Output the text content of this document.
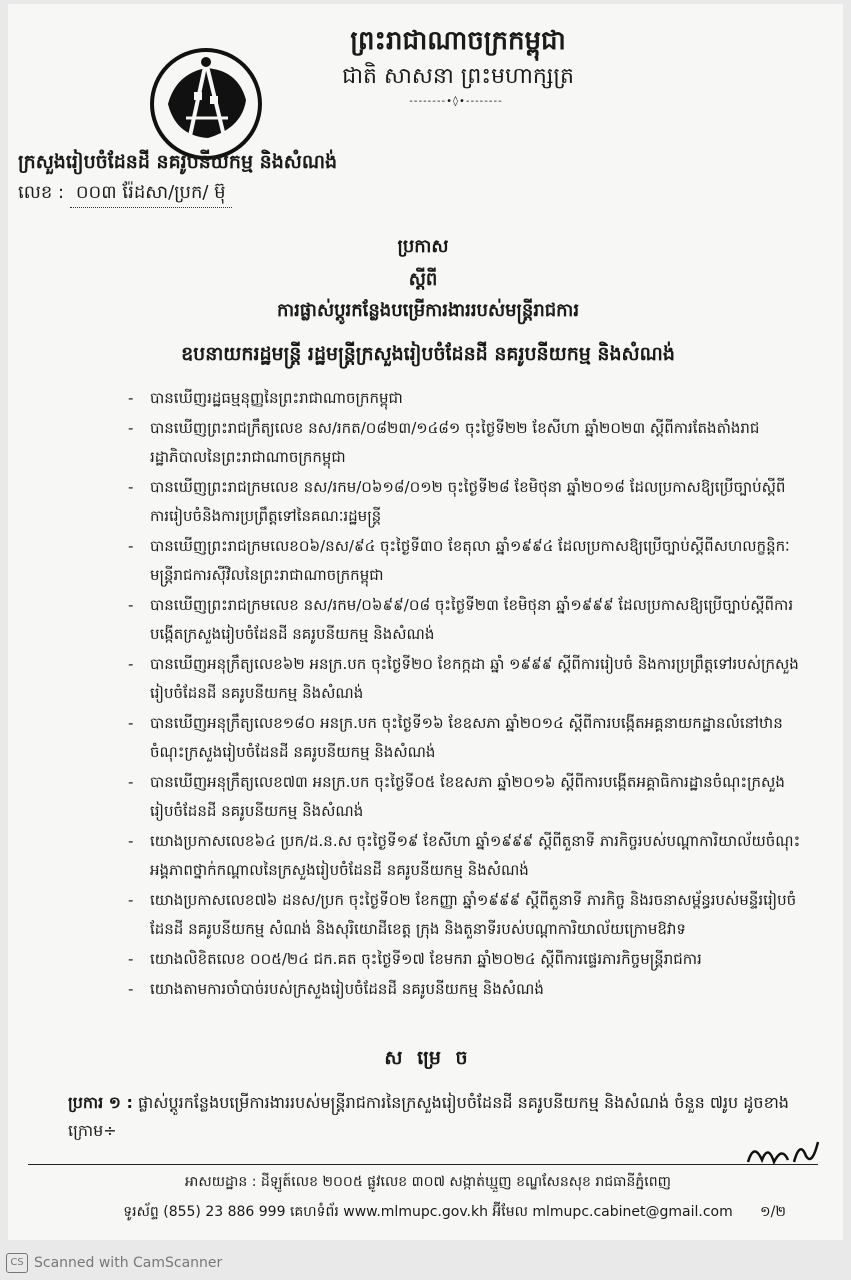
ព្រះរាជាណាចក្រកម្ពុជា
ជាតិ សាសនា ព្រះមហាក្សត្រ
--------•◊•--------
ក្រសួងរៀបចំដែនដី នគរូបនីយកម្ម និងសំណង់
លេខ : ០០៣ រ៉ែដសា/ប្រក/ ម៊ុ
ប្រកាស
ស្តីពី
ការផ្លាស់ប្តូរកន្លែងបម្រើការងាររបស់មន្ត្រីរាជការ
ឧបនាយករដ្ឋមន្ត្រី រដ្ឋមន្ត្រីក្រសួងរៀបចំដែនដី នគរូបនីយកម្ម និងសំណង់
- បានឃើញរដ្ឋធម្មនុញ្ញនៃព្រះរាជាណាចក្រកម្ពុជា
- បានឃើញព្រះរាជក្រឹត្យលេខ នស/រកត/០៨២៣/១៤៨១ ចុះថ្ងៃទី២២ ខែសីហា ឆ្នាំ២០២៣ ស្តីពីការតែងតាំងរាជរដ្ឋាភិបាលនៃព្រះរាជាណាចក្រកម្ពុជា
- បានឃើញព្រះរាជក្រមលេខ នស/រកម/០៦១៨/០១២ ចុះថ្ងៃទី២៨ ខែមិថុនា ឆ្នាំ២០១៨ ដែលប្រកាសឱ្យប្រើច្បាប់ស្តីពីការរៀបចំនិងការប្រព្រឹត្តទៅនៃគណៈរដ្ឋមន្ត្រី
- បានឃើញព្រះរាជក្រមលេខ០៦/នស/៩៤ ចុះថ្ងៃទី៣០ ខែតុលា ឆ្នាំ១៩៩៤ ដែលប្រកាសឱ្យប្រើច្បាប់ស្តីពីសហលក្ខន្តិកៈមន្ត្រីរាជការស៊ីវិលនៃព្រះរាជាណាចក្រកម្ពុជា
- បានឃើញព្រះរាជក្រមលេខ នស/រកម/០៦៩៩/០៨ ចុះថ្ងៃទី២៣ ខែមិថុនា ឆ្នាំ១៩៩៩ ដែលប្រកាសឱ្យប្រើច្បាប់ស្តីពីការបង្កើតក្រសួងរៀបចំដែនដី នគរូបនីយកម្ម និងសំណង់
- បានឃើញអនុក្រឹត្យលេខ៦២ អនក្រ.បក ចុះថ្ងៃទី២០ ខែកក្កដា ឆ្នាំ ១៩៩៩ ស្តីពីការរៀបចំ និងការប្រព្រឹត្តទៅរបស់ក្រសួងរៀបចំដែនដី នគរូបនីយកម្ម និងសំណង់
- បានឃើញអនុក្រឹត្យលេខ១៨០ អនក្រ.បក ចុះថ្ងៃទី១៦ ខែឧសភា ឆ្នាំ២០១៤ ស្តីពីការបង្កើតអគ្គនាយកដ្ឋានលំនៅឋានចំណុះក្រសួងរៀបចំដែនដី នគរូបនីយកម្ម និងសំណង់
- បានឃើញអនុក្រឹត្យលេខ៧៣ អនក្រ.បក ចុះថ្ងៃទី០៥ ខែឧសភា ឆ្នាំ២០១៦ ស្តីពីការបង្កើតអគ្គាធិការដ្ឋានចំណុះក្រសួងរៀបចំដែនដី នគរូបនីយកម្ម និងសំណង់
- យោងប្រកាសលេខ៦៤ ប្រក/ដ.ន.ស ចុះថ្ងៃទី១៩ ខែសីហា ឆ្នាំ១៩៩៩ ស្តីពីតួនាទី ភារកិច្ចរបស់បណ្តាការិយាល័យចំណុះអង្គភាពថ្នាក់កណ្តាលនៃក្រសួងរៀបចំដែនដី នគរូបនីយកម្ម និងសំណង់
- យោងប្រកាសលេខ៧៦ ដនស/ប្រក ចុះថ្ងៃទី០២ ខែកញ្ញា ឆ្នាំ១៩៩៩ ស្តីពីតួនាទី ភារកិច្ច និងរចនាសម្ព័ន្ធរបស់មន្ទីររៀបចំដែនដី នគរូបនីយកម្ម សំណង់ និងសុរិយោដីខេត្ត ក្រុង និងតួនាទីរបស់បណ្តាការិយាល័យក្រោមឱវាទ
- យោងលិខិតលេខ ០០៥/២៤ ជក.គត ចុះថ្ងៃទី១៧ ខែមករា ឆ្នាំ២០២៤ ស្តីពីការផ្ទេរភារកិច្ចមន្ត្រីរាជការ
- យោងតាមការចាំបាច់របស់ក្រសួងរៀបចំដែនដី នគរូបនីយកម្ម និងសំណង់
ស ម្រេ ច
ប្រការ ១ : ផ្លាស់ប្តូរកន្លែងបម្រើការងាររបស់មន្ត្រីរាជការនៃក្រសួងរៀបចំដែនដី នគរូបនីយកម្ម និងសំណង់ ចំនួន ៧រូប ដូចខាងក្រោម÷
អាសយដ្ឋាន : ដីឡូត៍លេខ ២០០៥ ផ្លូវលេខ ៣០៧ សង្កាត់ឃ្មួញ ខណ្ឌសែនសុខ រាជធានីភ្នំពេញ
ទូរស័ព្ទ (855) 23 886 999 គេហទំព័រ www.mlmupc.gov.kh អ៊ីមែល mlmupc.cabinet@gmail.com	១/២
CS Scanned with CamScanner
